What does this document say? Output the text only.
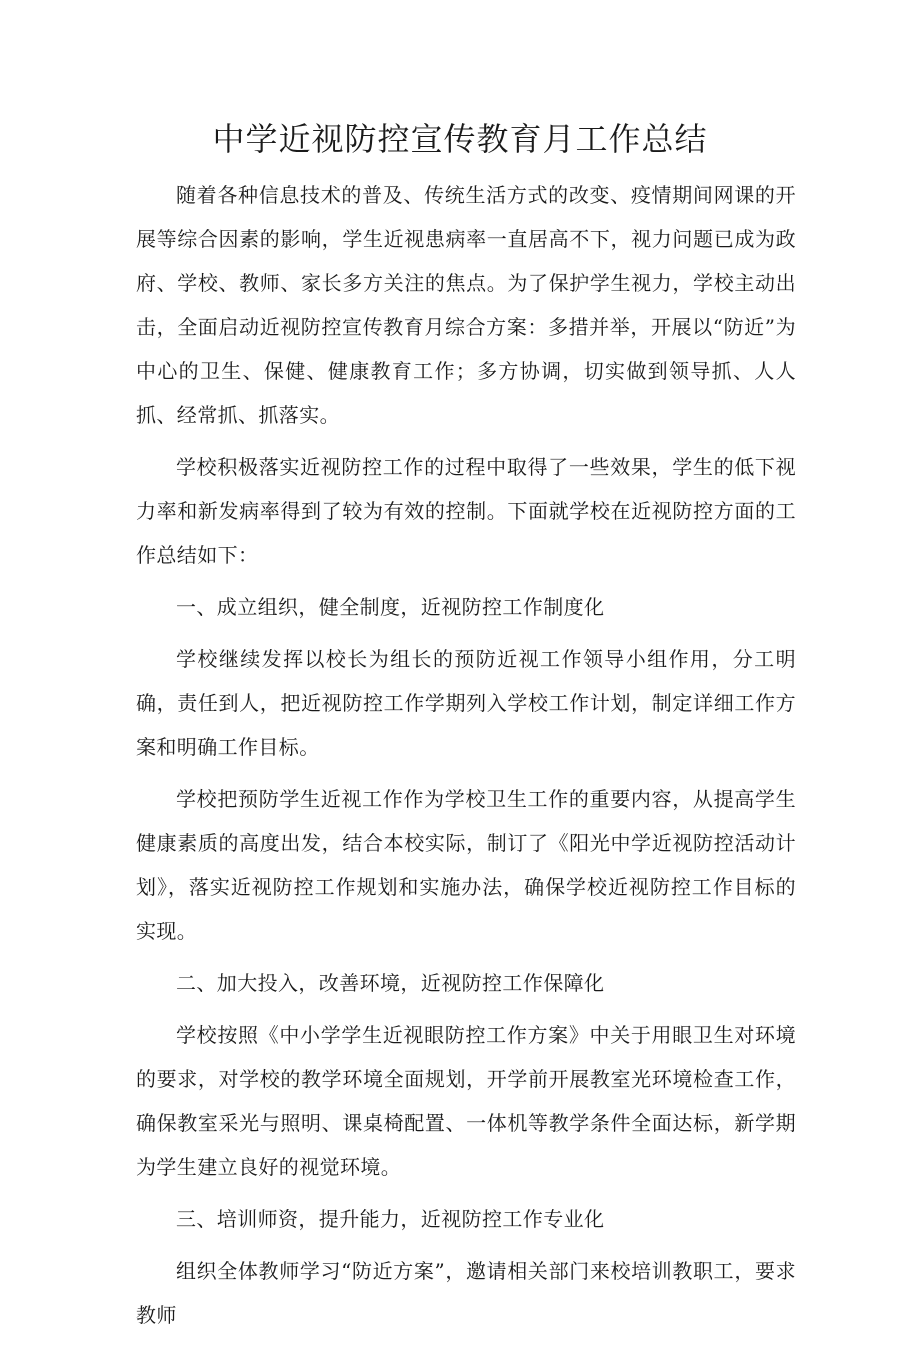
中学近视防控宣传教育月工作总结

随着各种信息技术的普及、传统生活方式的改变、疫情期间网课的开展等综合因素的影响，学生近视患病率一直居高不下，视力问题已成为政府、学校、教师、家长多方关注的焦点。为了保护学生视力，学校主动出击，全面启动近视防控宣传教育月综合方案：多措并举，开展以“防近”为中心的卫生、保健、健康教育工作；多方协调，切实做到领导抓、人人抓、经常抓、抓落实。

学校积极落实近视防控工作的过程中取得了一些效果，学生的低下视力率和新发病率得到了较为有效的控制。下面就学校在近视防控方面的工作总结如下：

一、成立组织，健全制度，近视防控工作制度化

学校继续发挥以校长为组长的预防近视工作领导小组作用，分工明确，责任到人，把近视防控工作学期列入学校工作计划，制定详细工作方案和明确工作目标。

学校把预防学生近视工作作为学校卫生工作的重要内容，从提高学生健康素质的高度出发，结合本校实际，制订了《阳光中学近视防控活动计划》，落实近视防控工作规划和实施办法，确保学校近视防控工作目标的实现。

二、加大投入，改善环境，近视防控工作保障化

学校按照《中小学学生近视眼防控工作方案》中关于用眼卫生对环境的要求，对学校的教学环境全面规划，开学前开展教室光环境检查工作，确保教室采光与照明、课桌椅配置、一体机等教学条件全面达标，新学期为学生建立良好的视觉环境。

三、培训师资，提升能力，近视防控工作专业化

组织全体教师学习“防近方案”，邀请相关部门来校培训教职工，要求教师
